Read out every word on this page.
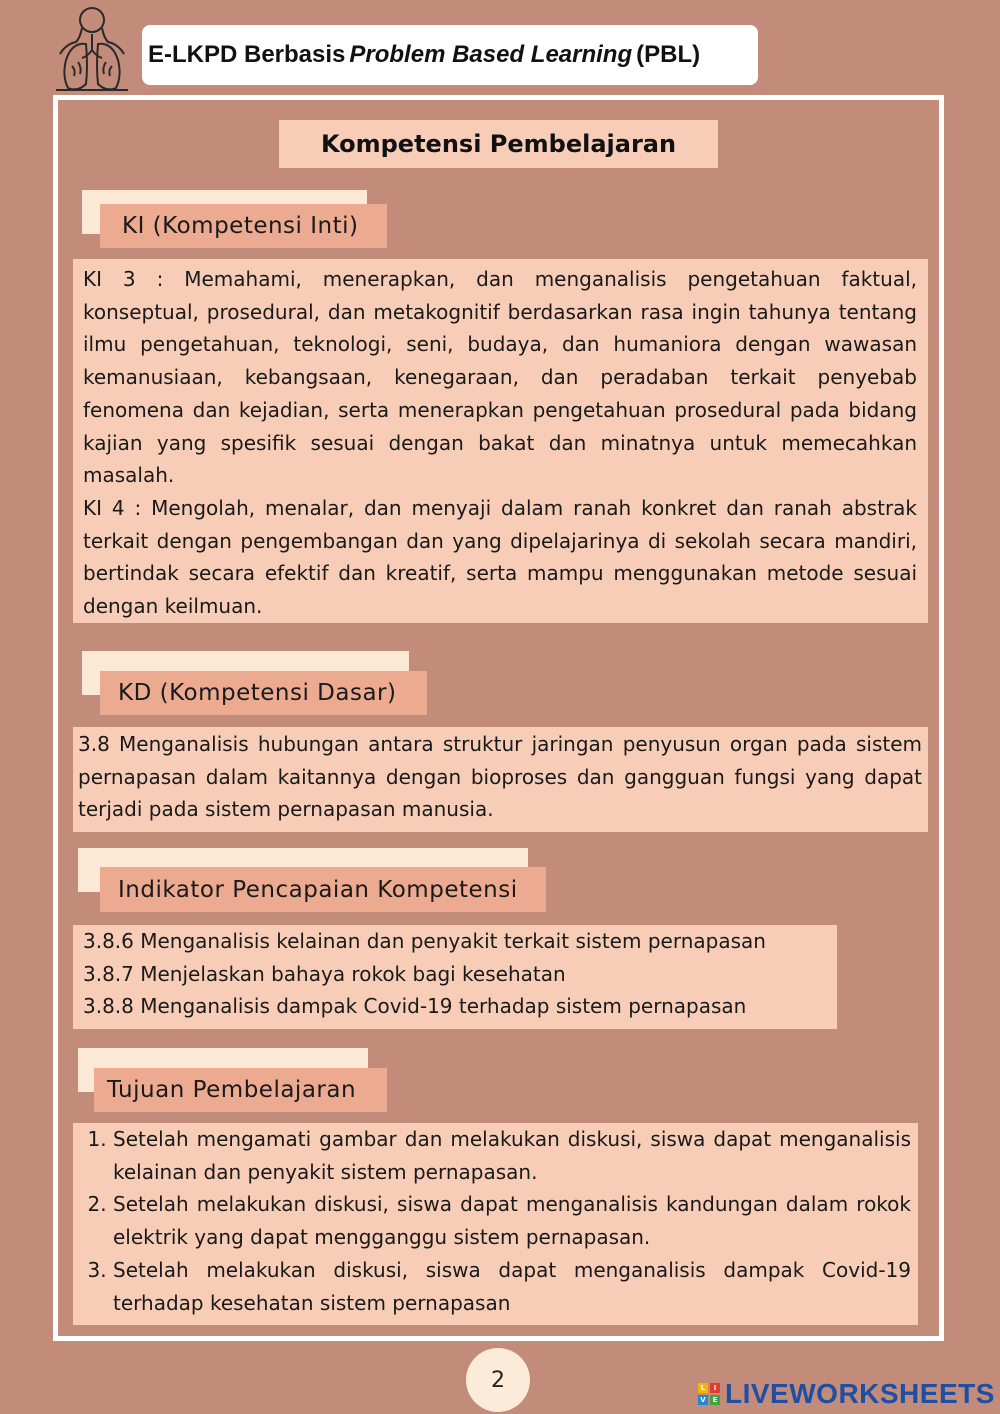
E-LKPD Berbasis Problem Based Learning (PBL)
Kompetensi Pembelajaran
KI (Kompetensi Inti)

KI 3 : Memahami, menerapkan, dan menganalisis pengetahuan faktual, konseptual, prosedural, dan metakognitif berdasarkan rasa ingin tahunya tentang ilmu pengetahuan, teknologi, seni, budaya, dan humaniora dengan wawasan kemanusiaan, kebangsaan, kenegaraan, dan peradaban terkait penyebab fenomena dan kejadian, serta menerapkan pengetahuan prosedural pada bidang kajian yang spesifik sesuai dengan bakat dan minatnya untuk memecahkan masalah.

KI 4 : Mengolah, menalar, dan menyaji dalam ranah konkret dan ranah abstrak terkait dengan pengembangan dan yang dipelajarinya di sekolah secara mandiri, bertindak secara efektif dan kreatif, serta mampu menggunakan metode sesuai dengan keilmuan.

KD (Kompetensi Dasar)

3.8 Menganalisis hubungan antara struktur jaringan penyusun organ pada sistem pernapasan dalam kaitannya dengan bioproses dan gangguan fungsi yang dapat terjadi pada sistem pernapasan manusia.

Indikator Pencapaian Kompetensi
3.8.6 Menganalisis kelainan dan penyakit terkait sistem pernapasan
3.8.7 Menjelaskan bahaya rokok bagi kesehatan
3.8.8 Menganalisis dampak Covid-19 terhadap sistem pernapasan
Tujuan Pembelajaran
1. Setelah mengamati gambar dan melakukan diskusi, siswa dapat menganalisis kelainan dan penyakit sistem pernapasan.
2. Setelah melakukan diskusi, siswa dapat menganalisis kandungan dalam rokok elektrik yang dapat mengganggu sistem pernapasan.
3. Setelah melakukan diskusi, siswa dapat menganalisis dampak Covid-19 terhadap kesehatan sistem pernapasan
2	L	I
V E LIVEWORKSHEETS
